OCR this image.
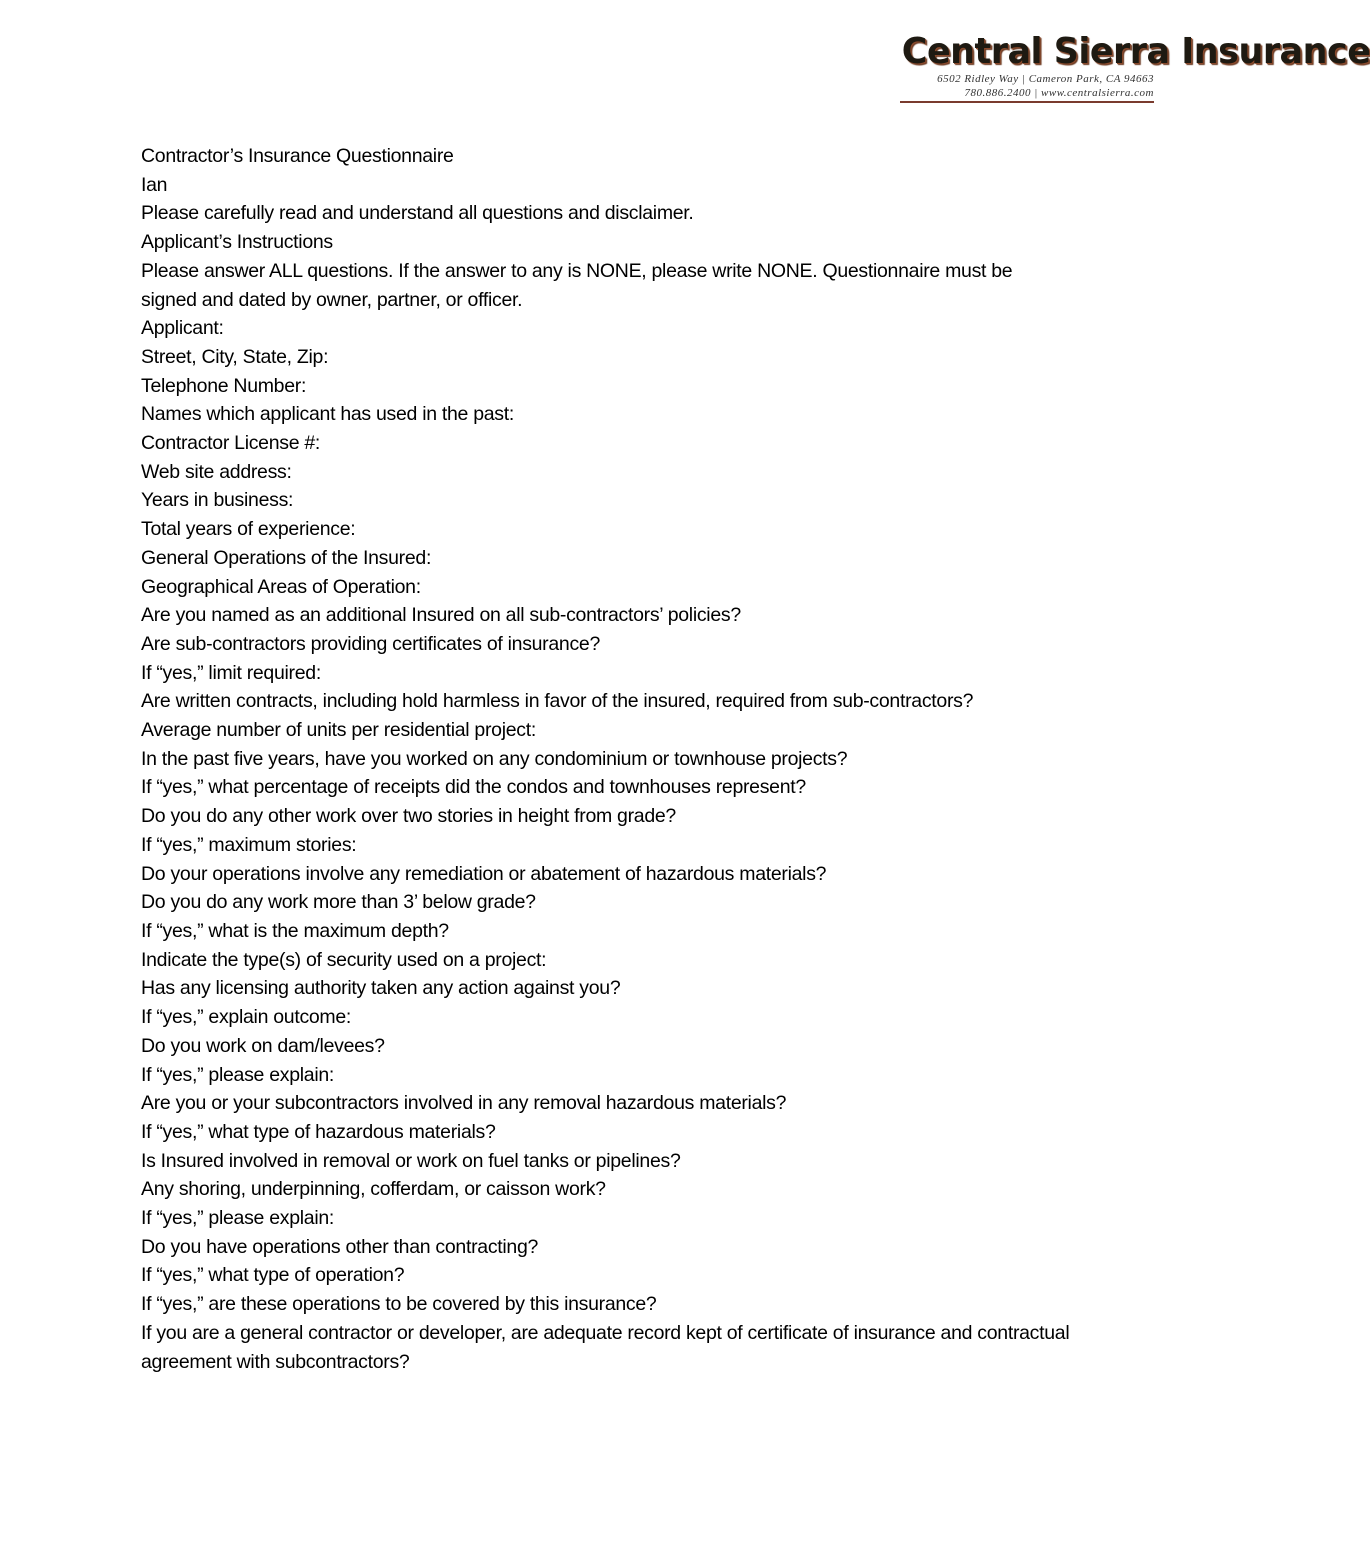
Central Sierra Insurance
6502 Ridley Way | Cameron Park, CA 94663
780.886.2400 | www.centralsierra.com
Contractor’s Insurance Questionnaire
Ian
Please carefully read and understand all questions and disclaimer.
Applicant’s Instructions
Please answer ALL questions. If the answer to any is NONE, please write NONE. Questionnaire must be signed and dated by owner, partner, or officer.
Applicant:
Street, City, State, Zip:
Telephone Number:
Names which applicant has used in the past:
Contractor License #:
Web site address:
Years in business:
Total years of experience:
General Operations of the Insured:
Geographical Areas of Operation:
Are you named as an additional Insured on all sub-contractors’ policies?
Are sub-contractors providing certificates of insurance?
If “yes,” limit required:
Are written contracts, including hold harmless in favor of the insured, required from sub-contractors?
Average number of units per residential project:
In the past five years, have you worked on any condominium or townhouse projects?
If “yes,” what percentage of receipts did the condos and townhouses represent?
Do you do any other work over two stories in height from grade?
If “yes,” maximum stories:
Do your operations involve any remediation or abatement of hazardous materials?
Do you do any work more than 3’ below grade?
If “yes,” what is the maximum depth?
Indicate the type(s) of security used on a project:
Has any licensing authority taken any action against you?
If “yes,” explain outcome:
Do you work on dam/levees?
If “yes,” please explain:
Are you or your subcontractors involved in any removal hazardous materials?
If “yes,” what type of hazardous materials?
Is Insured involved in removal or work on fuel tanks or pipelines?
Any shoring, underpinning, cofferdam, or caisson work?
If “yes,” please explain:
Do you have operations other than contracting?
If “yes,” what type of operation?
If “yes,” are these operations to be covered by this insurance?
If you are a general contractor or developer, are adequate record kept of certificate of insurance and contractual agreement with subcontractors?
